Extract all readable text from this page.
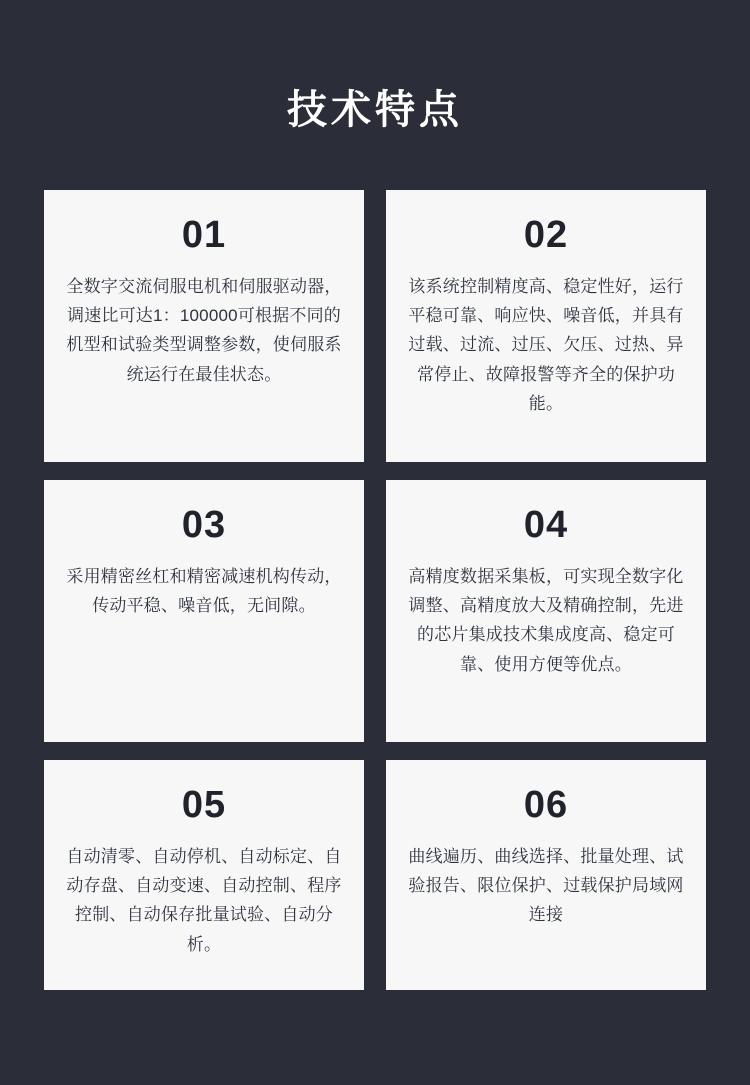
技术特点
01
全数字交流伺服电机和伺服驱动器，调速比可达1：100000可根据不同的机型和试验类型调整参数，使伺服系统运行在最佳状态。
02
该系统控制精度高、稳定性好，运行平稳可靠、响应快、噪音低，并具有过载、过流、过压、欠压、过热、异常停止、故障报警等齐全的保护功能。
03
采用精密丝杠和精密减速机构传动，传动平稳、噪音低，无间隙。
04
高精度数据采集板，可实现全数字化调整、高精度放大及精确控制，先进的芯片集成技术集成度高、稳定可靠、使用方便等优点。
05
自动清零、自动停机、自动标定、自动存盘、自动变速、自动控制、程序控制、自动保存批量试验、自动分析。
06
曲线遍历、曲线选择、批量处理、试验报告、限位保护、过载保护局域网连接
